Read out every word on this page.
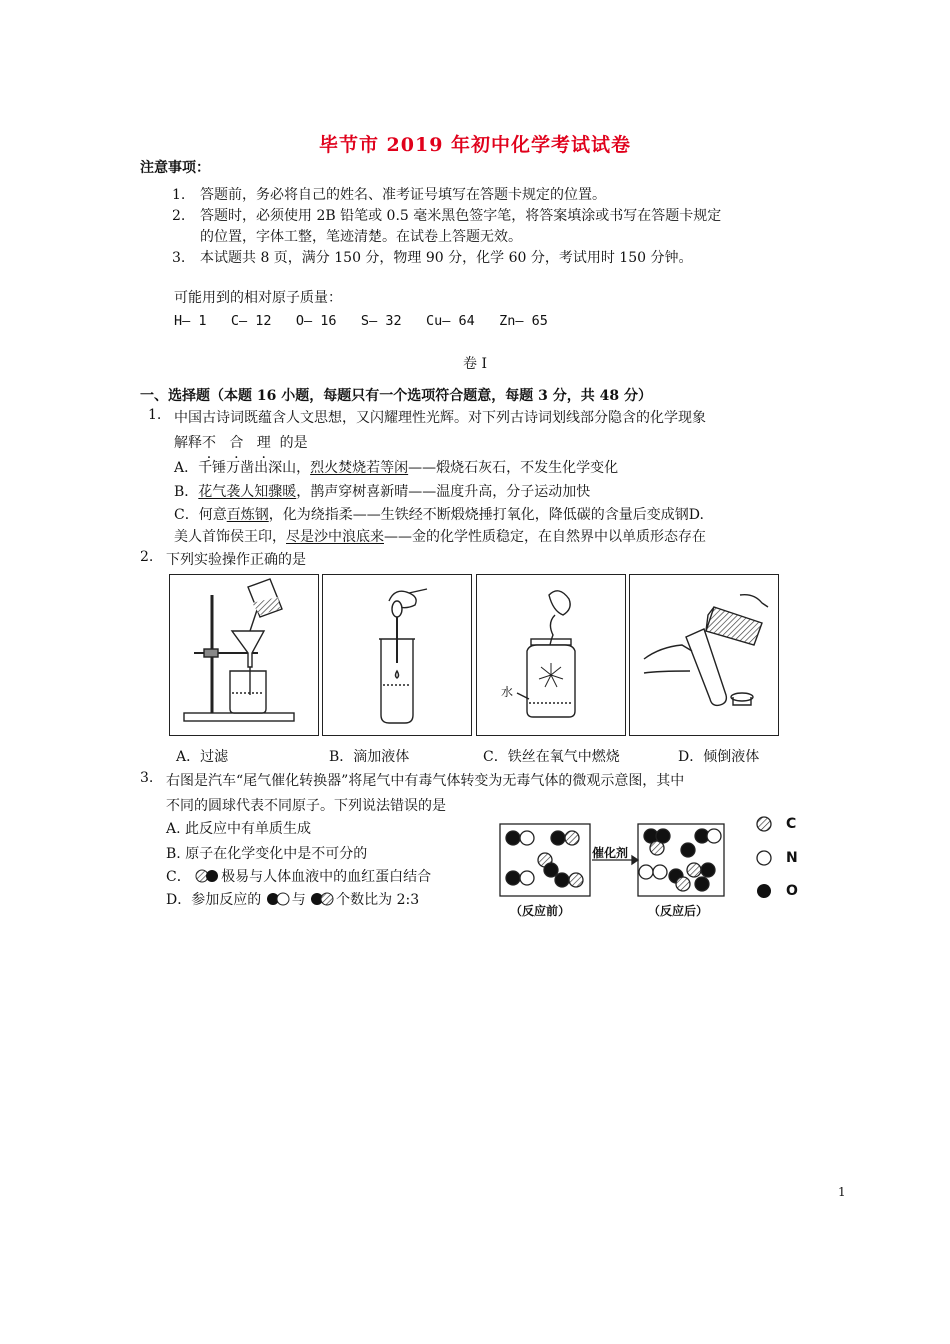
毕节市 2019 年初中化学考试试卷
注意事项：
1. 答题前，务必将自己的姓名、准考证号填写在答题卡规定的位置。
2. 答题时，必须使用 2B 铅笔或 0.5 毫米黑色签字笔，将答案填涂或书写在答题卡规定
的位置，字体工整，笔迹清楚。在试卷上答题无效。
3. 本试题共 8 页，满分 150 分，物理 90 分，化学 60 分，考试用时 150 分钟。
可能用到的相对原子质量：
H— 1   C— 12   O— 16   S— 32   Cu— 64   Zn— 65
卷 I
一、选择题（本题 16 小题，每题只有一个选项符合题意，每题 3 分，共 48 分）
1. 中国古诗词既蕴含人文思想，又闪耀理性光辉。对下列古诗词划线部分隐含的化学现象
解释不 合 理 的是
A．千锤万凿出深山，烈火焚烧若等闲——煅烧石灰石，不发生化学变化
B．花气袭人知骤暖，鹊声穿树喜新晴——温度升高，分子运动加快
C．何意百炼钢，化为绕指柔——生铁经不断煅烧捶打氧化，降低碳的含量后变成钢D.
美人首饰侯王印，尽是沙中浪底来——金的化学性质稳定，在自然界中以单质形态存在
2. 下列实验操作正确的是
水
A．过滤	B．滴加液体	C．铁丝在氧气中燃烧	D．倾倒液体
3. 右图是汽车“尾气催化转换器”将尾气中有毒气体转变为无毒气体的微观示意图，其中
不同的圆球代表不同原子。下列说法错误的是
A. 此反应中有单质生成
B. 原子在化学变化中是不可分的
C． 极易与人体血液中的血红蛋白结合
D．参加反应的 与 个数比为 2:3
催化剂
（反应前）	（反应后）
C
N
O
1
